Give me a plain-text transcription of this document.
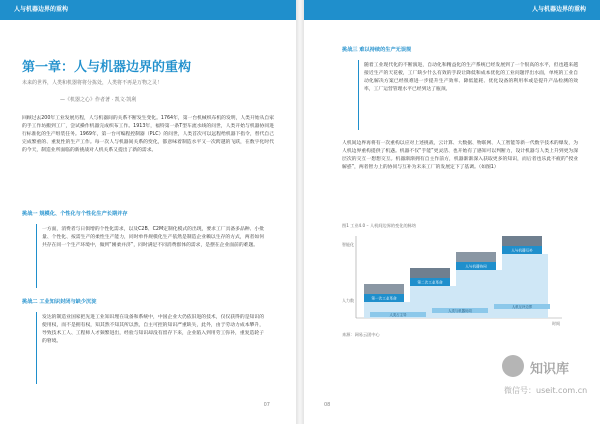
人与机器边界的重构
第一章：人与机器边界的重构
未来的世界，人类和机器将将分拣处，人类将不再是万物之灵！
—《机器之心》作者著 · 凯文·凯利
回顾过去200年工业发展历程，人与机器间的关系不断发生变化。1764年，第一台机械织布机的发明，人类开始从自家的手工作坊搬到工厂，尝试操作机器完成织布工作。1913年，福特第一条T型车流水线的问世，人类开始与机器协同进行标准化的生产组装任务。1969年，第一台可编程控制器（PLC）的问世，人类首次可以远程给机器下指令，替代自己完成繁重的、重复性的生产工作。每一次人与机器间关系的变化，都意味着制造水平又一次跨越的飞跃，在数字化时代的今天，制造业所面临的新挑战对人机关系又提出了新的需求。
挑战一 規模化、个性化与个性化生产长期并存
一方面，消费者与日俱增的个性化需求，以及C2B、C2M定制化模式的出现，要求工厂具备多品种、小批量、个性化、按需生产的柔性生产能力，同时单件规模化生产依然是制造企业赖以生存的方式，两者如何共存在同一个生产环境中，做到“刚柔并济”，同时满足不同消费群体的需求，是摆在企业面前的难题。
挑战二 工业知识封闭与缺少沉淀
发达的制造业国家把先进工业知识埋在设备和系统中，中国企业大仍依旧进的技术，仅仅获得的是知识的使用权，而不是拥有权，知其然不知其所以然，自主可控的知识严重缺失，此外，由于劳动力成本攀升，导致技术工人、工程师人才频繁进出，经验与知识却没有留存下来，企业陷入到用劳工弥补，重复造轮子的窘境。
07
人与机器边界的重构
挑战三 难以持续的生产无误规
随着工业现代化的不断演进，自动化和精益化的生产系统已经发展到了一个很高的水平，但也越来越接近生产的天花板，工厂缺少什么有效的手段让降低和成本优化的工业问题浮出水面，单纯的工业自动化解决方案已经很难进一步提升生产效率、降低能耗、优化设备的利用率或是提升产品检测的效率，工厂运营管理水平已经到达了瓶颈。
人机间边界再将有一次重构以应对上述挑战，云计算、大数据、物联网、人工智能等新一代数字技术的爆发，为人机边界重构提供了机遇。机器不仅“手能”更灵活、也开始有了感知可以判断力，设计机器与人类上升到更为深层次的交互一想想交互。机器渐渐拥有自主作前方，机器渐渐深入获取更多的知识，而后者也乐此不疲的“授业解惑”，两者智力上的协同与互补为未来工厂的发展定下了基调。（如图1）
图1 工业4.0 – 人机间边界的变化的脉络
智能化
人力数
时间
第一次工业革命
第二次工业革命
人与机器协同
人与机器互补
人类占主导
人类与机器协同
人机互补边界
来源：网易云团中心
08
知识库
微信号：useit.com.cn
